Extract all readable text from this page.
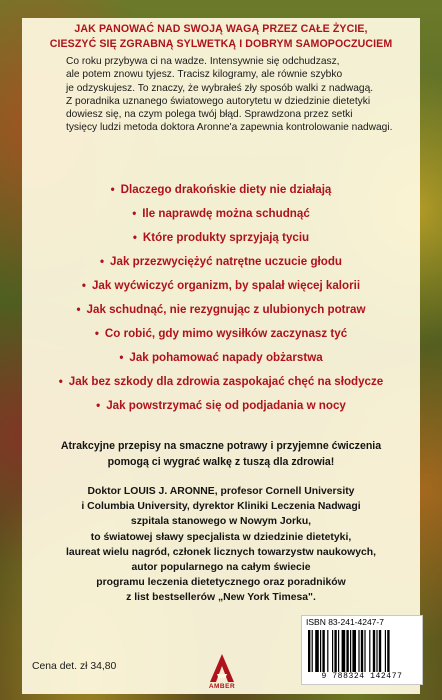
JAK PANOWAĆ NAD SWOJĄ WAGĄ PRZEZ CAŁE ŻYCIE,
CIESZYĆ SIĘ ZGRABNĄ SYLWETKĄ I DOBRYM SAMOPOCZUCIEM
Co roku przybywa ci na wadze. Intensywnie się odchudzasz,
ale potem znowu tyjesz. Tracisz kilogramy, ale równie szybko
je odzyskujesz. To znaczy, że wybrałeś zły sposób walki z nadwagą.
Z poradnika uznanego światowego autorytetu w dziedzinie dietetyki
dowiesz się, na czym polega twój błąd. Sprawdzona przez setki
tysięcy ludzi metoda doktora Aronne'a zapewnia kontrolowanie nadwagi.
• Dlaczego drakońskie diety nie działają
• Ile naprawdę można schudnąć
• Które produkty sprzyjają tyciu
• Jak przezwyciężyć natrętne uczucie głodu
• Jak wyćwiczyć organizm, by spalał więcej kalorii
• Jak schudnąć, nie rezygnując z ulubionych potraw
• Co robić, gdy mimo wysiłków zaczynasz tyć
• Jak pohamować napady obżarstwa
• Jak bez szkody dla zdrowia zaspokajać chęć na słodycze
• Jak powstrzymać się od podjadania w nocy
Atrakcyjne przepisy na smaczne potrawy i przyjemne ćwiczenia
pomogą ci wygrać walkę z tuszą dla zdrowia!
Doktor LOUIS J. ARONNE, profesor Cornell University
i Columbia University, dyrektor Kliniki Leczenia Nadwagi
szpitala stanowego w Nowym Jorku,
to światowej sławy specjalista w dziedzinie dietetyki,
laureat wielu nagród, członek licznych towarzystw naukowych,
autor popularnego na całym świecie
programu leczenia dietetycznego oraz poradników
z list bestsellerów „New York Timesa".
Cena det. zł 34,80
AMBER
ISBN 83-241-4247-7
9 788324 142477
